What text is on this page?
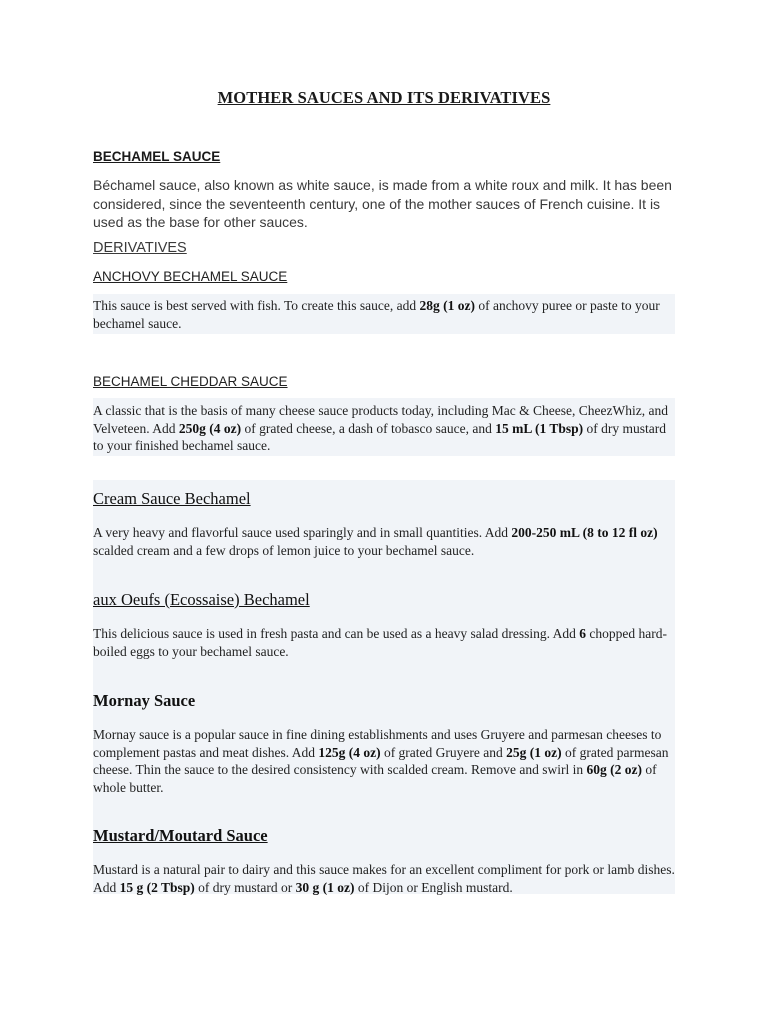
MOTHER SAUCES AND ITS DERIVATIVES
BECHAMEL SAUCE
Béchamel sauce, also known as white sauce, is made from a white roux and milk. It has been considered, since the seventeenth century, one of the mother sauces of French cuisine. It is used as the base for other sauces.
DERIVATIVES
ANCHOVY BECHAMEL SAUCE
This sauce is best served with fish. To create this sauce, add 28g (1 oz) of anchovy puree or paste to your bechamel sauce.
BECHAMEL CHEDDAR SAUCE
A classic that is the basis of many cheese sauce products today, including Mac & Cheese, CheezWhiz, and Velveteen. Add 250g (4 oz) of grated cheese, a dash of tobasco sauce, and 15 mL (1 Tbsp) of dry mustard to your finished bechamel sauce.
Cream Sauce Bechamel
A very heavy and flavorful sauce used sparingly and in small quantities. Add 200-250 mL (8 to 12 fl oz) scalded cream and a few drops of lemon juice to your bechamel sauce.
aux Oeufs (Ecossaise) Bechamel
This delicious sauce is used in fresh pasta and can be used as a heavy salad dressing. Add 6 chopped hard-boiled eggs to your bechamel sauce.
Mornay Sauce
Mornay sauce is a popular sauce in fine dining establishments and uses Gruyere and parmesan cheeses to complement pastas and meat dishes. Add 125g (4 oz) of grated Gruyere and 25g (1 oz) of grated parmesan cheese. Thin the sauce to the desired consistency with scalded cream. Remove and swirl in 60g (2 oz) of whole butter.
Mustard/Moutard Sauce
Mustard is a natural pair to dairy and this sauce makes for an excellent compliment for pork or lamb dishes. Add 15 g (2 Tbsp) of dry mustard or 30 g (1 oz) of Dijon or English mustard.
